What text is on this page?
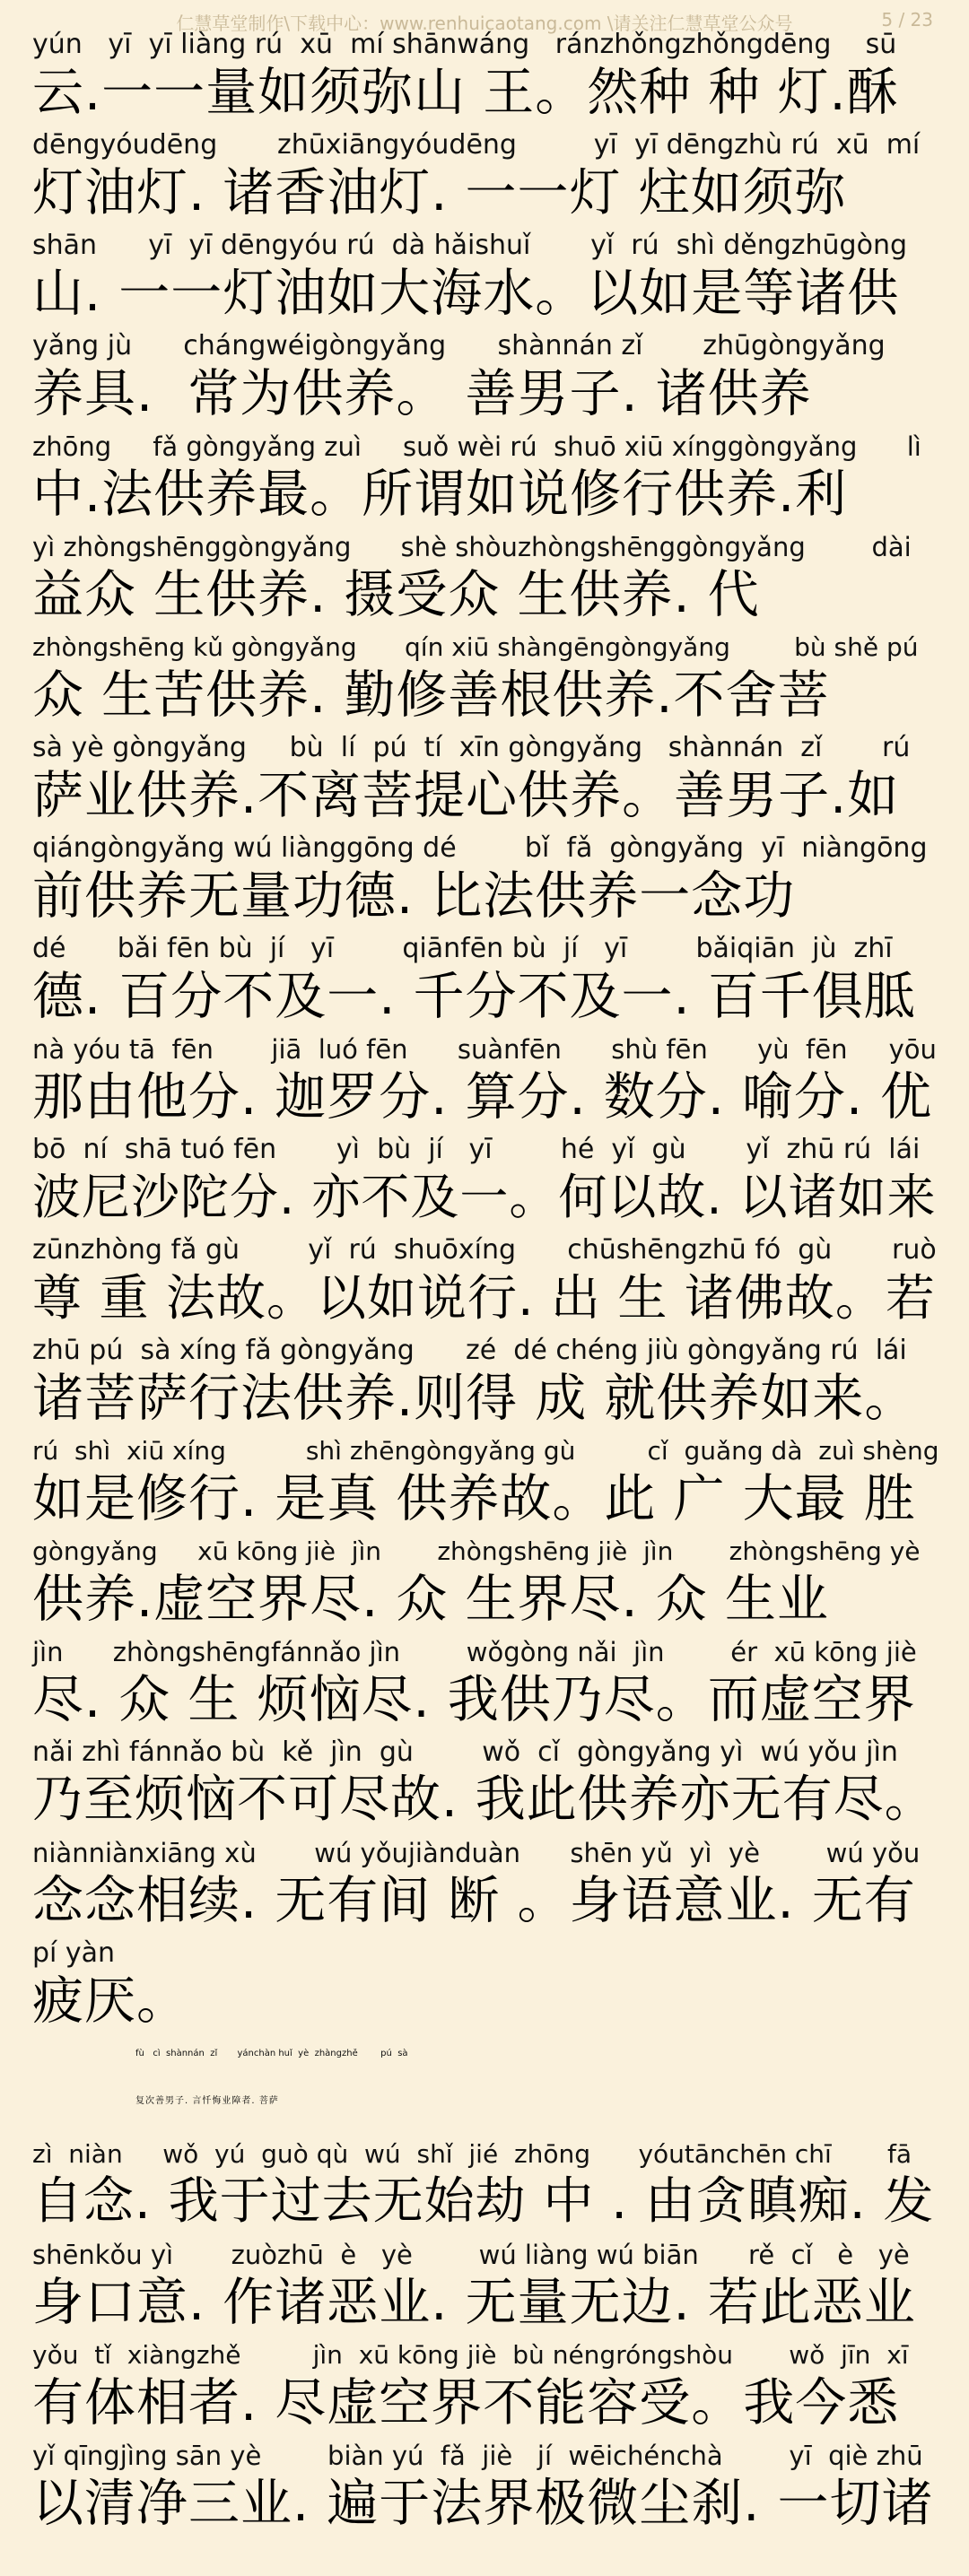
仁慧草堂制作\下载中心：www.renhuicaotang.com \请关注仁慧草堂公众号	5 / 23
yún   yī  yī liàng rú  xū  mí shānwáng   ránzhǒngzhǒngdēng    sū
云.一一量如须弥山 王。然种 种 灯.酥
dēngyóudēng       zhūxiāngyóudēng         yī  yī dēngzhù rú  xū  mí
灯油灯. 诸香油灯. 一一灯 炷如须弥
shān      yī  yī dēngyóu rú  dà hǎishuǐ       yǐ  rú  shì děngzhūgòng
山. 一一灯油如大海水。以如是等诸供
yǎng jù      chángwéigòngyǎng      shànnán zǐ       zhūgòngyǎng
养具.  常为供养。 善男子. 诸供养
zhōng     fǎ gòngyǎng zuì     suǒ wèi rú  shuō xiū xínggòngyǎng      lì
中.法供养最。所谓如说修行供养.利
yì zhòngshēnggòngyǎng      shè shòuzhòngshēnggòngyǎng        dài
益众 生供养. 摄受众 生供养. 代
zhòngshēng kǔ gòngyǎng      qín xiū shàngēngòngyǎng        bù shě pú
众 生苦供养. 勤修善根供养.不舍菩
sà yè gòngyǎng     bù  lí  pú  tí  xīn gòngyǎng   shànnán  zǐ       rú
萨业供养.不离菩提心供养。善男子.如
qiángòngyǎng wú liànggōng dé        bǐ  fǎ  gòngyǎng  yī  niàngōng
前供养无量功德. 比法供养一念功
dé      bǎi fēn bù  jí   yī        qiānfēn bù  jí   yī        bǎiqiān  jù  zhī
德. 百分不及一. 千分不及一. 百千俱胝
nà yóu tā  fēn       jiā  luó fēn      suànfēn      shù fēn      yù  fēn     yōu
那由他分. 迦罗分. 算分. 数分. 喻分. 优
bō  ní  shā tuó fēn       yì  bù  jí   yī        hé  yǐ  gù       yǐ  zhū rú  lái
波尼沙陀分. 亦不及一。何以故. 以诸如来
zūnzhòng fǎ gù        yǐ  rú  shuōxíng      chūshēngzhū fó  gù       ruò
尊 重 法故。以如说行. 出 生 诸佛故。若
zhū pú  sà xíng fǎ gòngyǎng      zé  dé chéng jiù gòngyǎng rú  lái
诸菩萨行法供养.则得 成 就供养如来。
rú  shì  xiū xíng          shì zhēngòngyǎng gù         cǐ  guǎng dà  zuì shèng
如是修行. 是真 供养故。此 广 大最 胜
gòngyǎng     xū kōng jiè  jìn       zhòngshēng jiè  jìn       zhòngshēng yè
供养.虚空界尽. 众 生界尽. 众 生业
jìn      zhòngshēngfánnǎo jìn        wǒgòng nǎi  jìn        ér  xū kōng jiè
尽. 众 生 烦恼尽. 我供乃尽。而虚空界
nǎi zhì fánnǎo bù  kě  jìn  gù        wǒ  cǐ  gòngyǎng yì  wú yǒu jìn
乃至烦恼不可尽故. 我此供养亦无有尽。
niànniànxiāng xù       wú yǒujiànduàn      shēn yǔ  yì  yè        wú yǒu
念念相续. 无有间 断 。身语意业. 无有
pí yàn
疲厌。
fù   cì  shànnán  zǐ       yánchàn huǐ  yè  zhàngzhě        pú  sà
复次善男子. 言忏悔业障者. 菩萨
zì  niàn     wǒ  yú  guò qù  wú  shǐ  jié  zhōng      yóutānchēn chī       fā
自念. 我于过去无始劫 中 . 由贪瞋痴. 发
shēnkǒu yì       zuòzhū  è   yè        wú liàng wú biān      rě  cǐ   è   yè
身口意. 作诸恶业. 无量无边. 若此恶业
yǒu  tǐ  xiàngzhě         jìn  xū kōng jiè  bù néngróngshòu       wǒ  jīn  xī
有体相者. 尽虚空界不能容受。我今悉
yǐ qīngjìng sān yè        biàn yú  fǎ  jiè   jí  wēichénchà        yī  qiè zhū
以清净三业. 遍于法界极微尘刹. 一切诸
